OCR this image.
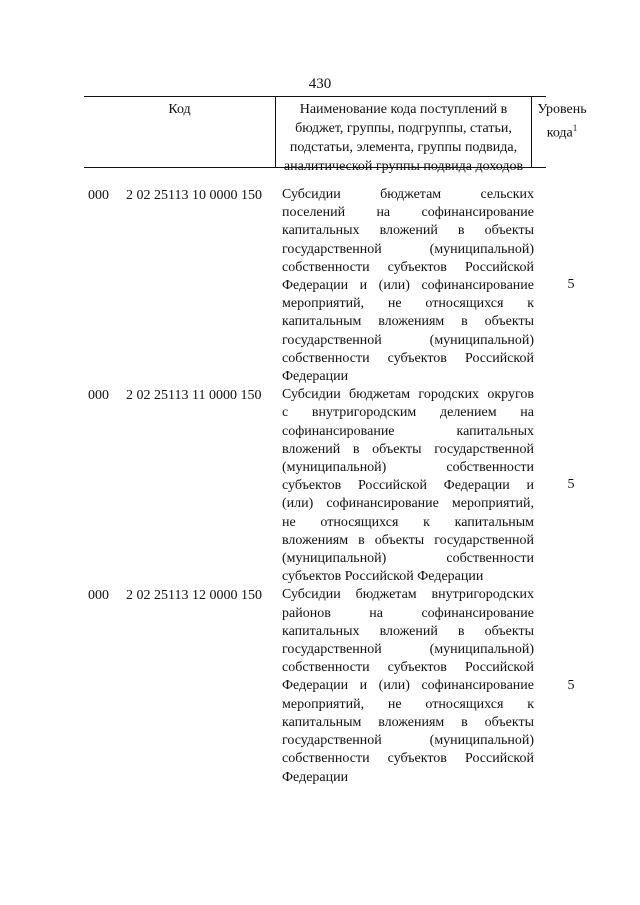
430
Код	Наименование кода поступлений в
бюджет, группы, подгруппы, статьи,
подстатьи, элемента, группы подвида,
аналитической группы подвида доходов
Уровень
кода$^1$
000 2 02 25113 10 0000 150 Субсидии бюджетам сельских
поселений на софинансирование
капитальных вложений в объекты
государственной (муниципальной)
собственности субъектов Российской
Федерации и (или) софинансирование
мероприятий, не относящихся к
капитальным вложениям в объекты
государственной (муниципальной)
собственности субъектов Российской
Федерации
5
000 2 02 25113 11 0000 150 Субсидии бюджетам городских округов
с внутригородским делением на
софинансирование капитальных
вложений в объекты государственной
(муниципальной) собственности
субъектов Российской Федерации и
(или) софинансирование мероприятий,
не относящихся к капитальным
вложениям в объекты государственной
(муниципальной) собственности
субъектов Российской Федерации
5
000 2 02 25113 12 0000 150 Субсидии бюджетам внутригородских
районов на софинансирование
капитальных вложений в объекты
государственной (муниципальной)
собственности субъектов Российской
Федерации и (или) софинансирование
мероприятий, не относящихся к
капитальным вложениям в объекты
государственной (муниципальной)
собственности субъектов Российской
Федерации
5
